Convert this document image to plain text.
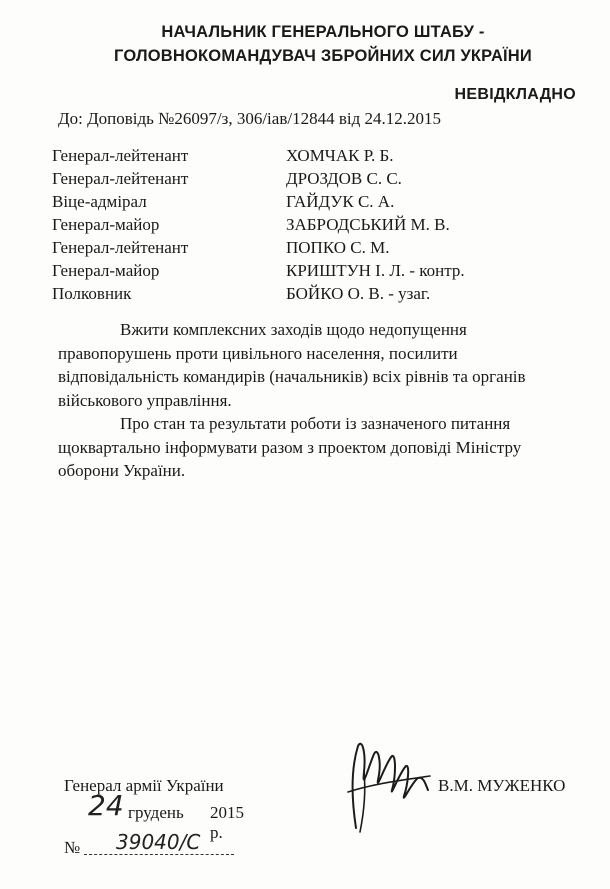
НАЧАЛЬНИК ГЕНЕРАЛЬНОГО ШТАБУ -
ГОЛОВНОКОМАНДУВАЧ ЗБРОЙНИХ СИЛ УКРАЇНИ
НЕВІДКЛАДНО
До: Доповідь №26097/з, 306/іав/12844 від 24.12.2015
Генерал-лейтенант	ХОМЧАК Р. Б.
Генерал-лейтенант	ДРОЗДОВ С. С.
Віце-адмірал	ГАЙДУК С. А.
Генерал-майор	ЗАБРОДСЬКИЙ М. В.
Генерал-лейтенант	ПОПКО С. М.
Генерал-майор	КРИШТУН І. Л. - контр.
Полковник	БОЙКО О. В. - узаг.

Вжити комплексних заходів щодо недопущення правопорушень проти цивільного населення, посилити відповідальність командирів (начальників) всіх рівнів та органів військового управління.

Про стан та результати роботи із зазначеного питання щоквартально інформувати разом з проектом доповіді Міністру оборони України.

Генерал армії України	В.М. МУЖЕНКО
24 грудень 2015 р.
№ 39040/С
